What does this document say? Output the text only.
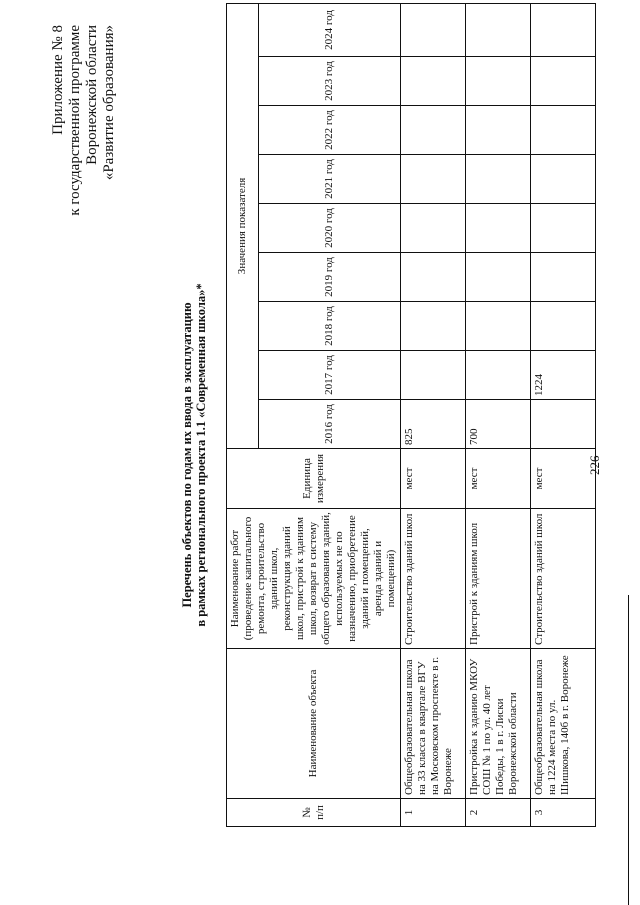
226
Приложение № 8 к государственной программе Воронежской области «Развитие образования»
Перечень объектов по годам их ввода в эксплуатацию в рамках регионального проекта 1.1 «Современная школа»*
№ п/п	Наименование объекта	Наименование работ (проведение капитального ремонта, строительство зданий школ, реконструкция зданий школ, пристрой к зданиям школ, возврат в систему общего образования зданий, используемых не по назначению, приобретение зданий и помещений, аренда зданий и помещений)	Единица измерения	Значения показателя								
				2016 год	2017 год	2018 год	2019 год	2020 год	2021 год	2022 год	2023 год	2024 год
1	Общеобразовательная школа на 33 класса в квартале ВГУ на Московском проспекте в г. Воронеже	Строительство зданий школ	мест	825								
2	Пристройка к зданию МКОУ СОШ № 1 по ул. 40 лет Победы, 1 в г. Лиски Воронежской области	Пристрой к зданиям школ	мест	700								
3	Общеобразовательная школа на 1224 места по ул. Шишкова, 140б в г. Воронеже	Строительство зданий школ	мест		1224							
